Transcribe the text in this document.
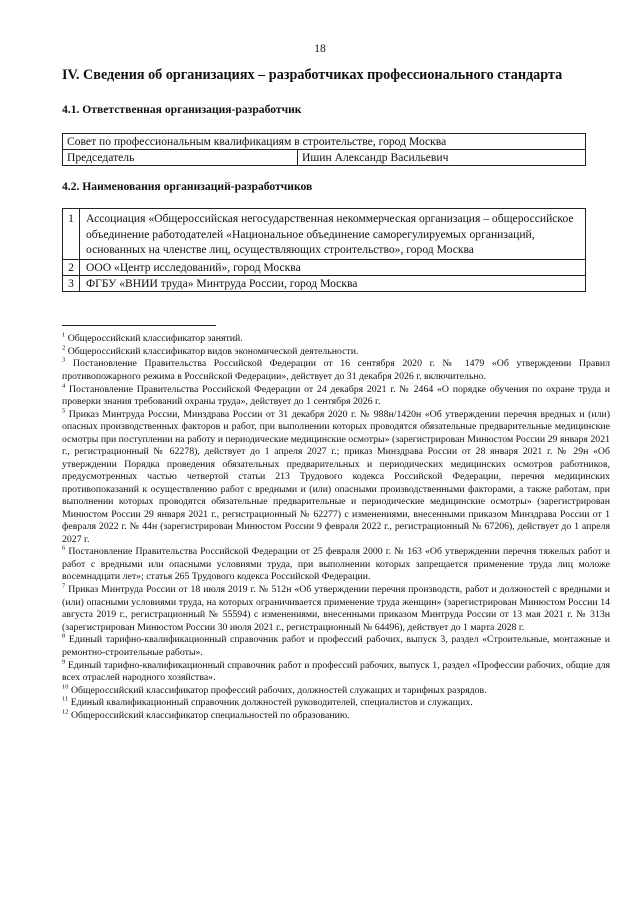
18
IV. Сведения об организациях – разработчиках профессионального стандарта
4.1. Ответственная организация-разработчик
Совет по профессиональным квалификациям в строительстве, город Москва
Председатель	Ишин Александр Васильевич
4.2. Наименования организаций-разработчиков
1	Ассоциация «Общероссийская негосударственная некоммерческая организация – общероссийское объединение работодателей «Национальное объединение саморегулируемых организаций, основанных на членстве лиц, осуществляющих строительство», город Москва
2	ООО «Центр исследований», город Москва
3	ФГБУ «ВНИИ труда» Минтруда России, город Москва

$^1$ Общероссийский классификатор занятий.

$^2$ Общероссийский классификатор видов экономической деятельности.

$^3$ Постановление Правительства Российской Федерации от 16 сентября 2020 г. № 1479 «Об утверждении Правил противопожарного режима в Российской Федерации», действует до 31 декабря 2026 г. включительно.

$^4$ Постановление Правительства Российской Федерации от 24 декабря 2021 г. № 2464 «О порядке обучения по охране труда и проверки знания требований охраны труда», действует до 1 сентября 2026 г.

$^5$ Приказ Минтруда России, Минздрава России от 31 декабря 2020 г. № 988н/1420н «Об утверждении перечня вредных и (или) опасных производственных факторов и работ, при выполнении которых проводятся обязательные предварительные медицинские осмотры при поступлении на работу и периодические медицинские осмотры» (зарегистрирован Минюстом России 29 января 2021 г., регистрационный № 62278), действует до 1 апреля 2027 г.; приказ Минздрава России от 28 января 2021 г. № 29н «Об утверждении Порядка проведения обязательных предварительных и периодических медицинских осмотров работников, предусмотренных частью четвертой статьи 213 Трудового кодекса Российской Федерации, перечня медицинских противопоказаний к осуществлению работ с вредными и (или) опасными производственными факторами, а также работам, при выполнении которых проводятся обязательные предварительные и периодические медицинские осмотры» (зарегистрирован Минюстом России 29 января 2021 г., регистрационный № 62277) с изменениями, внесенными приказом Минздрава России от 1 февраля 2022 г. № 44н (зарегистрирован Минюстом России 9 февраля 2022 г., регистрационный № 67206), действует до 1 апреля 2027 г.

$^6$ Постановление Правительства Российской Федерации от 25 февраля 2000 г. № 163 «Об утверждении перечня тяжелых работ и работ с вредными или опасными условиями труда, при выполнении которых запрещается применение труда лиц моложе восемнадцати лет»; статья 265 Трудового кодекса Российской Федерации.

$^7$ Приказ Минтруда России от 18 июля 2019 г. № 512н «Об утверждении перечня производств, работ и должностей с вредными и (или) опасными условиями труда, на которых ограничивается применение труда женщин» (зарегистрирован Минюстом России 14 августа 2019 г., регистрационный № 55594) с изменениями, внесенными приказом Минтруда России от 13 мая 2021 г. № 313н (зарегистрирован Минюстом России 30 июля 2021 г., регистрационный № 64496), действует до 1 марта 2028 г.

$^8$ Единый тарифно-квалификационный справочник работ и профессий рабочих, выпуск 3, раздел «Строительные, монтажные и ремонтно-строительные работы».

$^9$ Единый тарифно-квалификационный справочник работ и профессий рабочих, выпуск 1, раздел «Профессии рабочих, общие для всех отраслей народного хозяйства».

$^{10}$ Общероссийский классификатор профессий рабочих, должностей служащих и тарифных разрядов.

$^{11}$ Единый квалификационный справочник должностей руководителей, специалистов и служащих.

$^{12}$ Общероссийский классификатор специальностей по образованию.
